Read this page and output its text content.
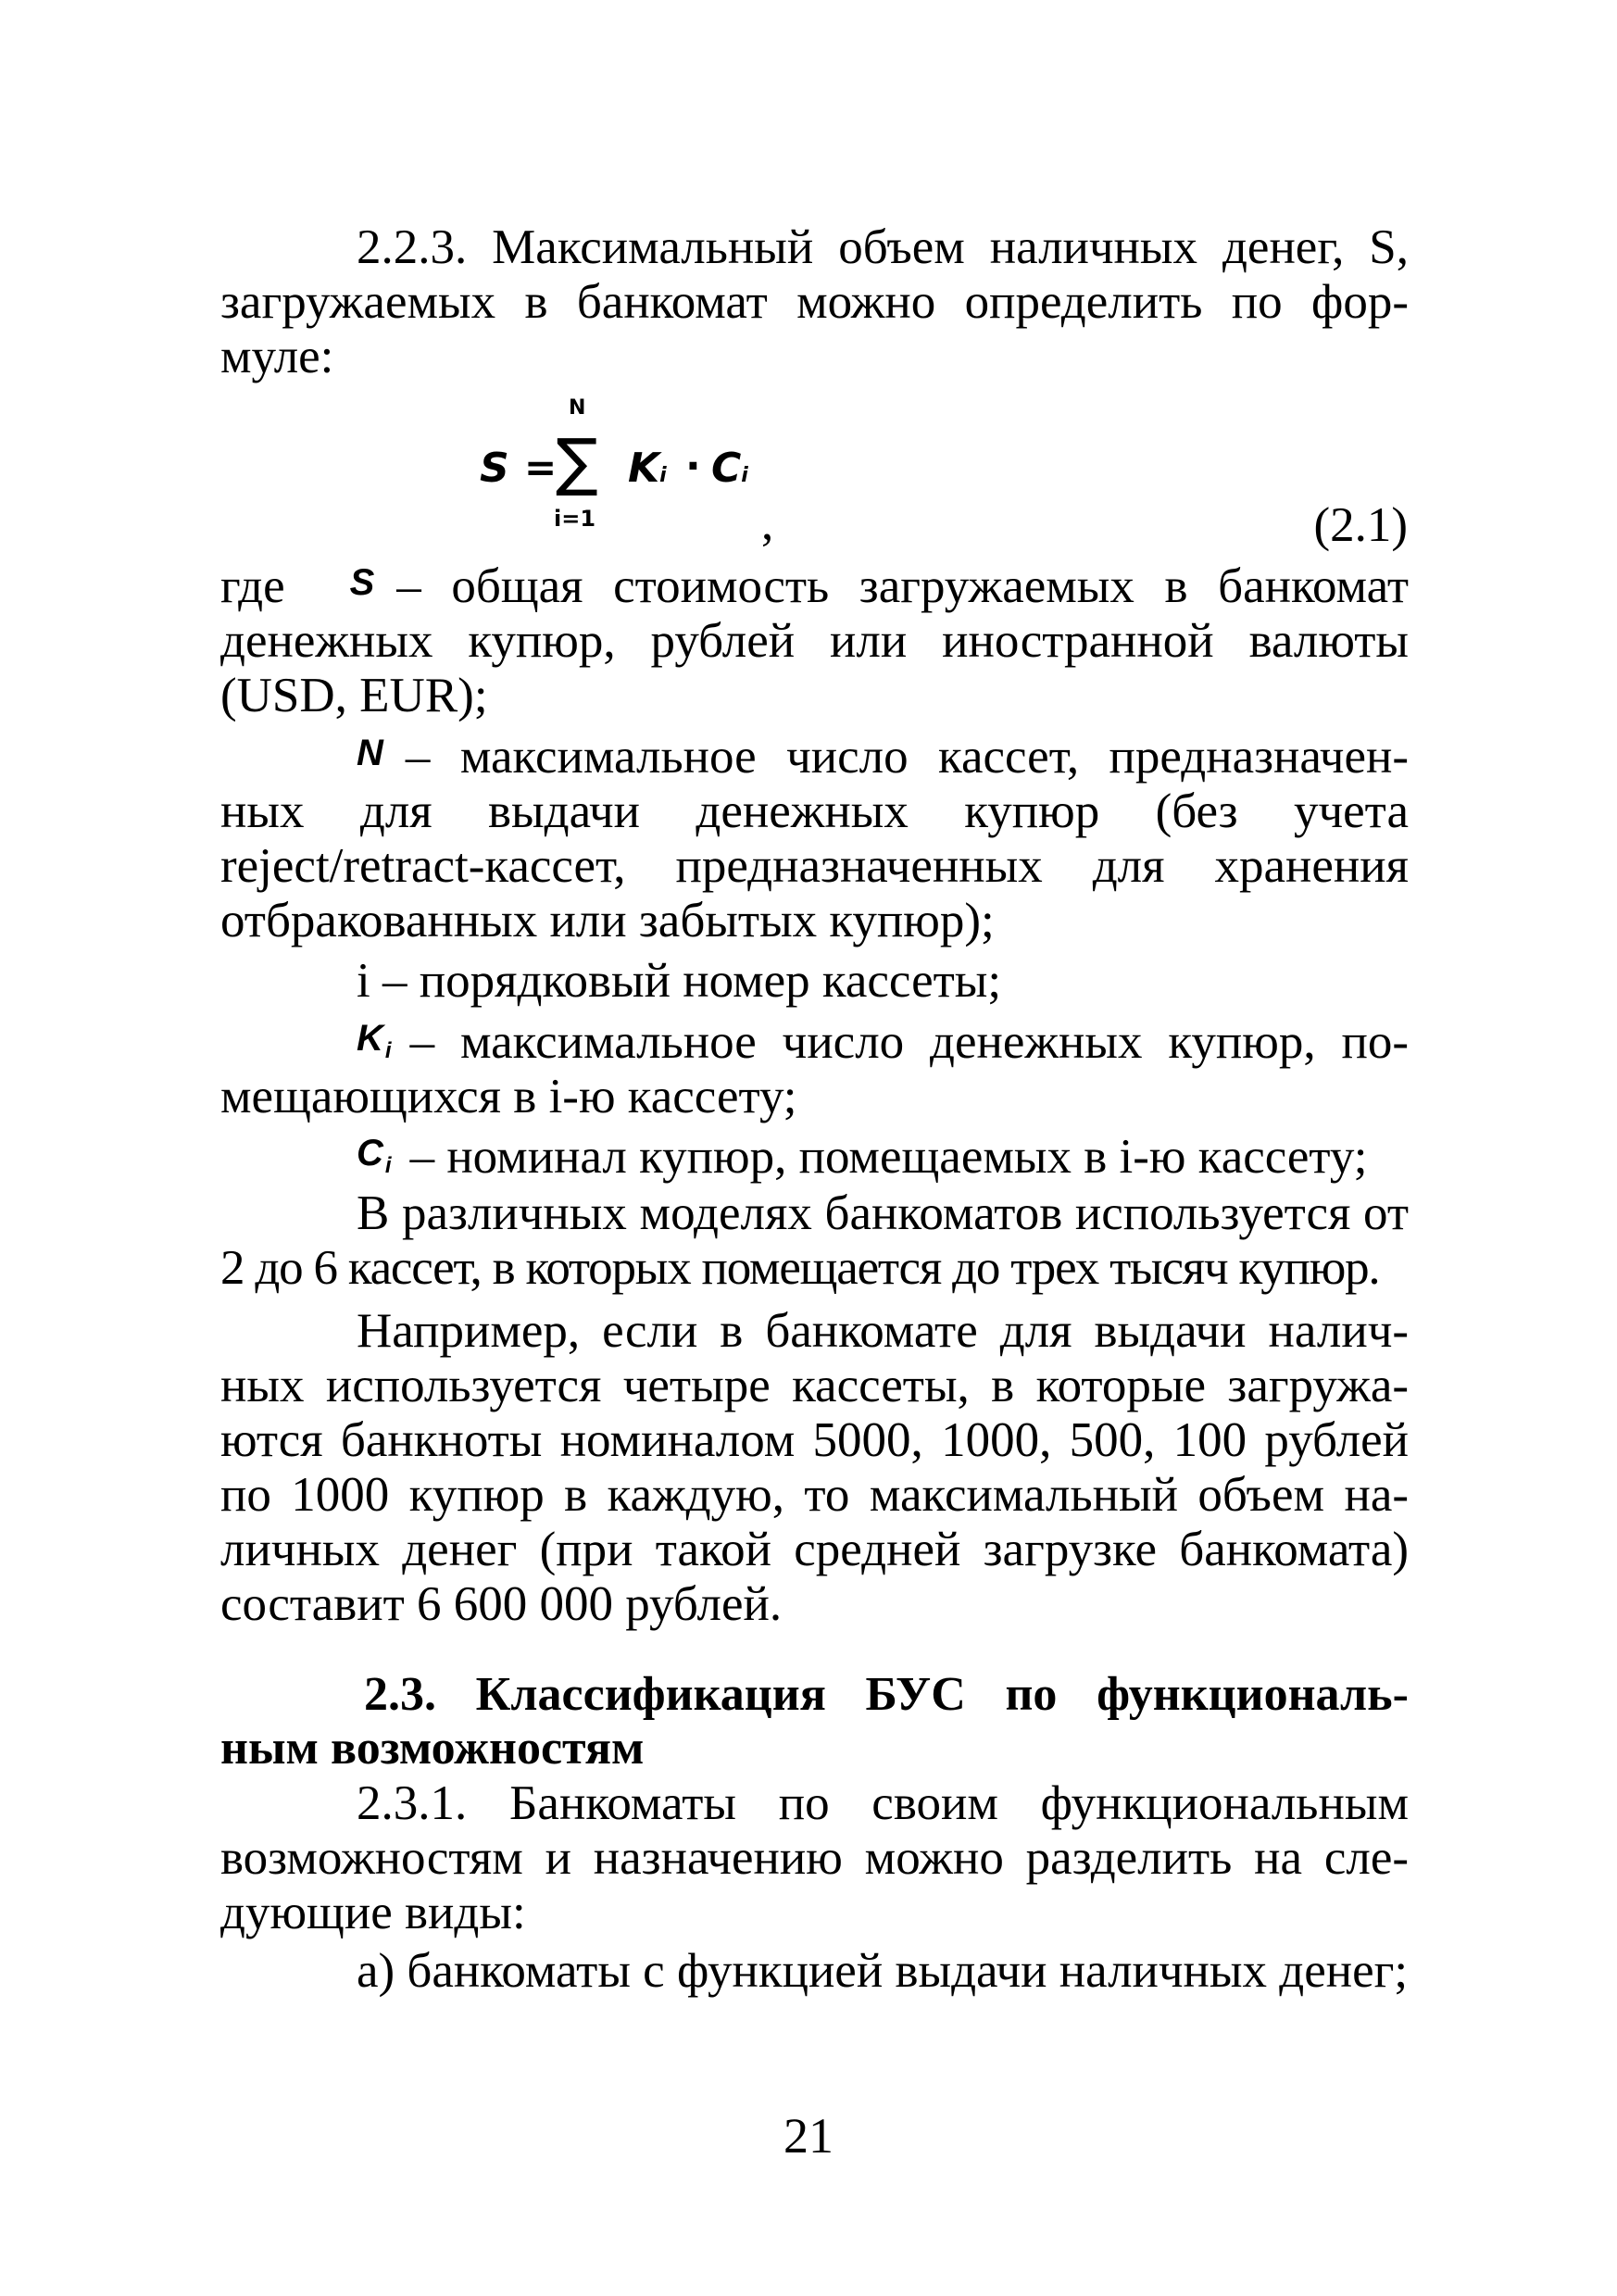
2.2.3. Максимальный объем наличных денег, S,
загружаемых в банкомат можно определить по фор-
муле:
N
S =
∑
i=1
Ki · Ci
,	(2.1)
где S – общая стоимость загружаемых в банкомат
денежных купюр, рублей или иностранной валюты
(USD, EUR);
N – максимальное число кассет, предназначен-
ных для выдачи денежных купюр (без учета
reject/retract-кассет, предназначенных для хранения
отбракованных или забытых купюр);
i – порядковый номер кассеты;
$K_i$ – максимальное число денежных купюр, по-
мещающихся в i-ю кассету;
$C_i$ – номинал купюр, помещаемых в i-ю кассету;
В различных моделях банкоматов используется от
2 до 6 кассет, в которых помещается до трех тысяч купюр.
Например, если в банкомате для выдачи налич-
ных используется четыре кассеты, в которые загружа-
ются банкноты номиналом 5000, 1000, 500, 100 рублей
по 1000 купюр в каждую, то максимальный объем на-
личных денег (при такой средней загрузке банкомата)
составит 6 600 000 рублей.
2.3. Классификация БУС по функциональ-
ным возможностям
2.3.1. Банкоматы по своим функциональным
возможностям и назначению можно разделить на сле-
дующие виды:
а) банкоматы с функцией выдачи наличных денег;
21
